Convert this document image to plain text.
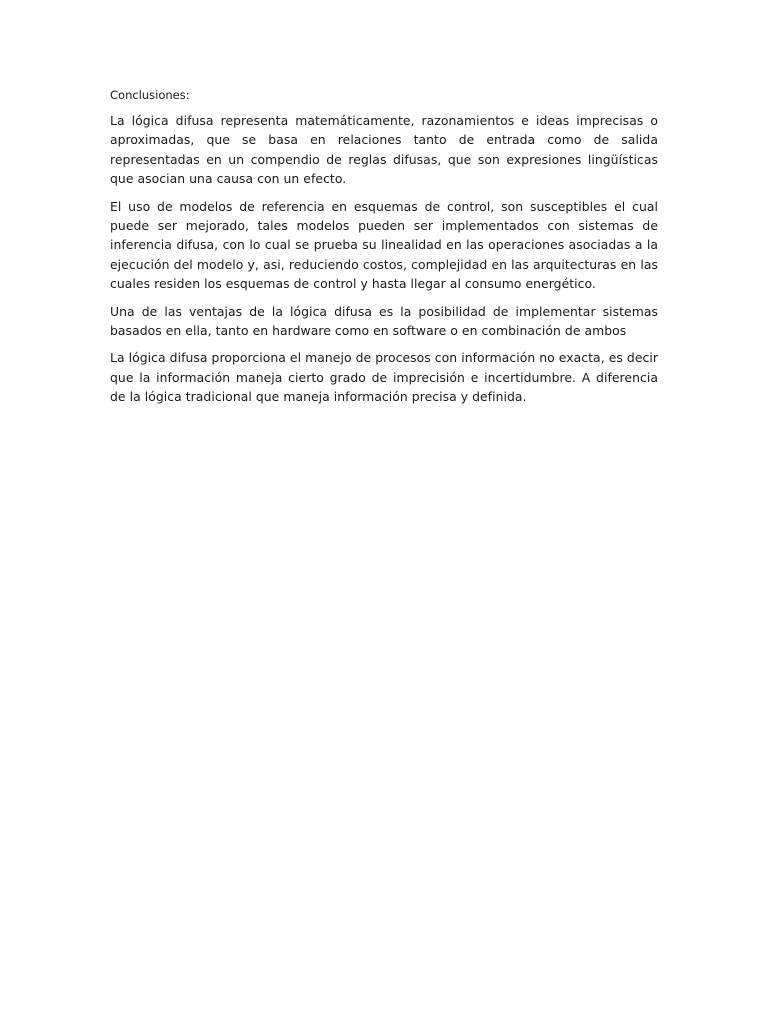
Conclusiones:

La lógica difusa representa matemáticamente, razonamientos e ideas imprecisas o aproximadas, que se basa en relaciones tanto de entrada como de salida representadas en un compendio de reglas difusas, que son expresiones lingüísticas que asocian una causa con un efecto.

El uso de modelos de referencia en esquemas de control, son susceptibles el cual puede ser mejorado, tales modelos pueden ser implementados con sistemas de inferencia difusa, con lo cual se prueba su linealidad en las operaciones asociadas a la ejecución del modelo y, asi, reduciendo costos, complejidad en las arquitecturas en las cuales residen los esquemas de control y hasta llegar al consumo energético.

Una de las ventajas de la lógica difusa es la posibilidad de implementar sistemas basados en ella, tanto en hardware como en software o en combinación de ambos

La lógica difusa proporciona el manejo de procesos con información no exacta, es decir que la información maneja cierto grado de imprecisión e incertidumbre. A diferencia de la lógica tradicional que maneja información precisa y definida.
